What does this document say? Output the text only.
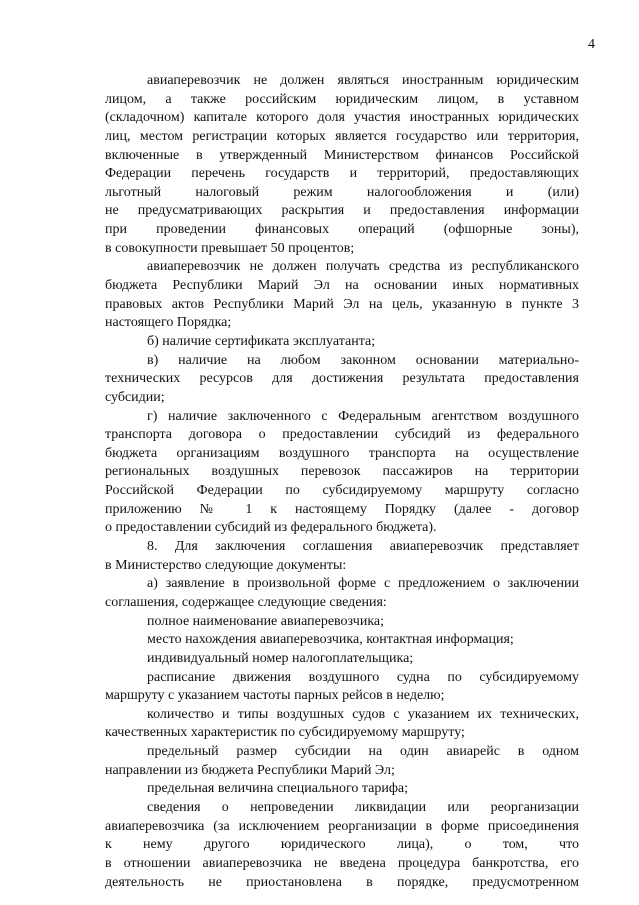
4
авиаперевозчик не должен являться иностранным юридическим
лицом, а также российским юридическим лицом, в уставном
(складочном) капитале которого доля участия иностранных юридических
лиц, местом регистрации которых является государство или территория,
включенные в утвержденный Министерством финансов Российской
Федерации перечень государств и территорий, предоставляющих
льготный налоговый режим налогообложения и (или)
не предусматривающих раскрытия и предоставления информации
при проведении финансовых операций (офшорные зоны),
в совокупности превышает 50 процентов;
авиаперевозчик не должен получать средства из республиканского
бюджета Республики Марий Эл на основании иных нормативных
правовых актов Республики Марий Эл на цель, указанную в пункте 3
настоящего Порядка;
б) наличие сертификата эксплуатанта;
в) наличие на любом законном основании материально-
технических ресурсов для достижения результата предоставления
субсидии;
г) наличие заключенного с Федеральным агентством воздушного
транспорта договора о предоставлении субсидий из федерального
бюджета организациям воздушного транспорта на осуществление
региональных воздушных перевозок пассажиров на территории
Российской Федерации по субсидируемому маршруту согласно
приложению № 1 к настоящему Порядку (далее - договор
о предоставлении субсидий из федерального бюджета).
8. Для заключения соглашения авиаперевозчик представляет
в Министерство следующие документы:
а) заявление в произвольной форме с предложением о заключении
соглашения, содержащее следующие сведения:
полное наименование авиаперевозчика;
место нахождения авиаперевозчика, контактная информация;
индивидуальный номер налогоплательщика;
расписание движения воздушного судна по субсидируемому
маршруту с указанием частоты парных рейсов в неделю;
количество и типы воздушных судов с указанием их технических,
качественных характеристик по субсидируемому маршруту;
предельный размер субсидии на один авиарейс в одном
направлении из бюджета Республики Марий Эл;
предельная величина специального тарифа;
сведения о непроведении ликвидации или реорганизации
авиаперевозчика (за исключением реорганизации в форме присоединения
к нему другого юридического лица), о том, что
в отношении авиаперевозчика не введена процедура банкротства, его
деятельность не приостановлена в порядке, предусмотренном
